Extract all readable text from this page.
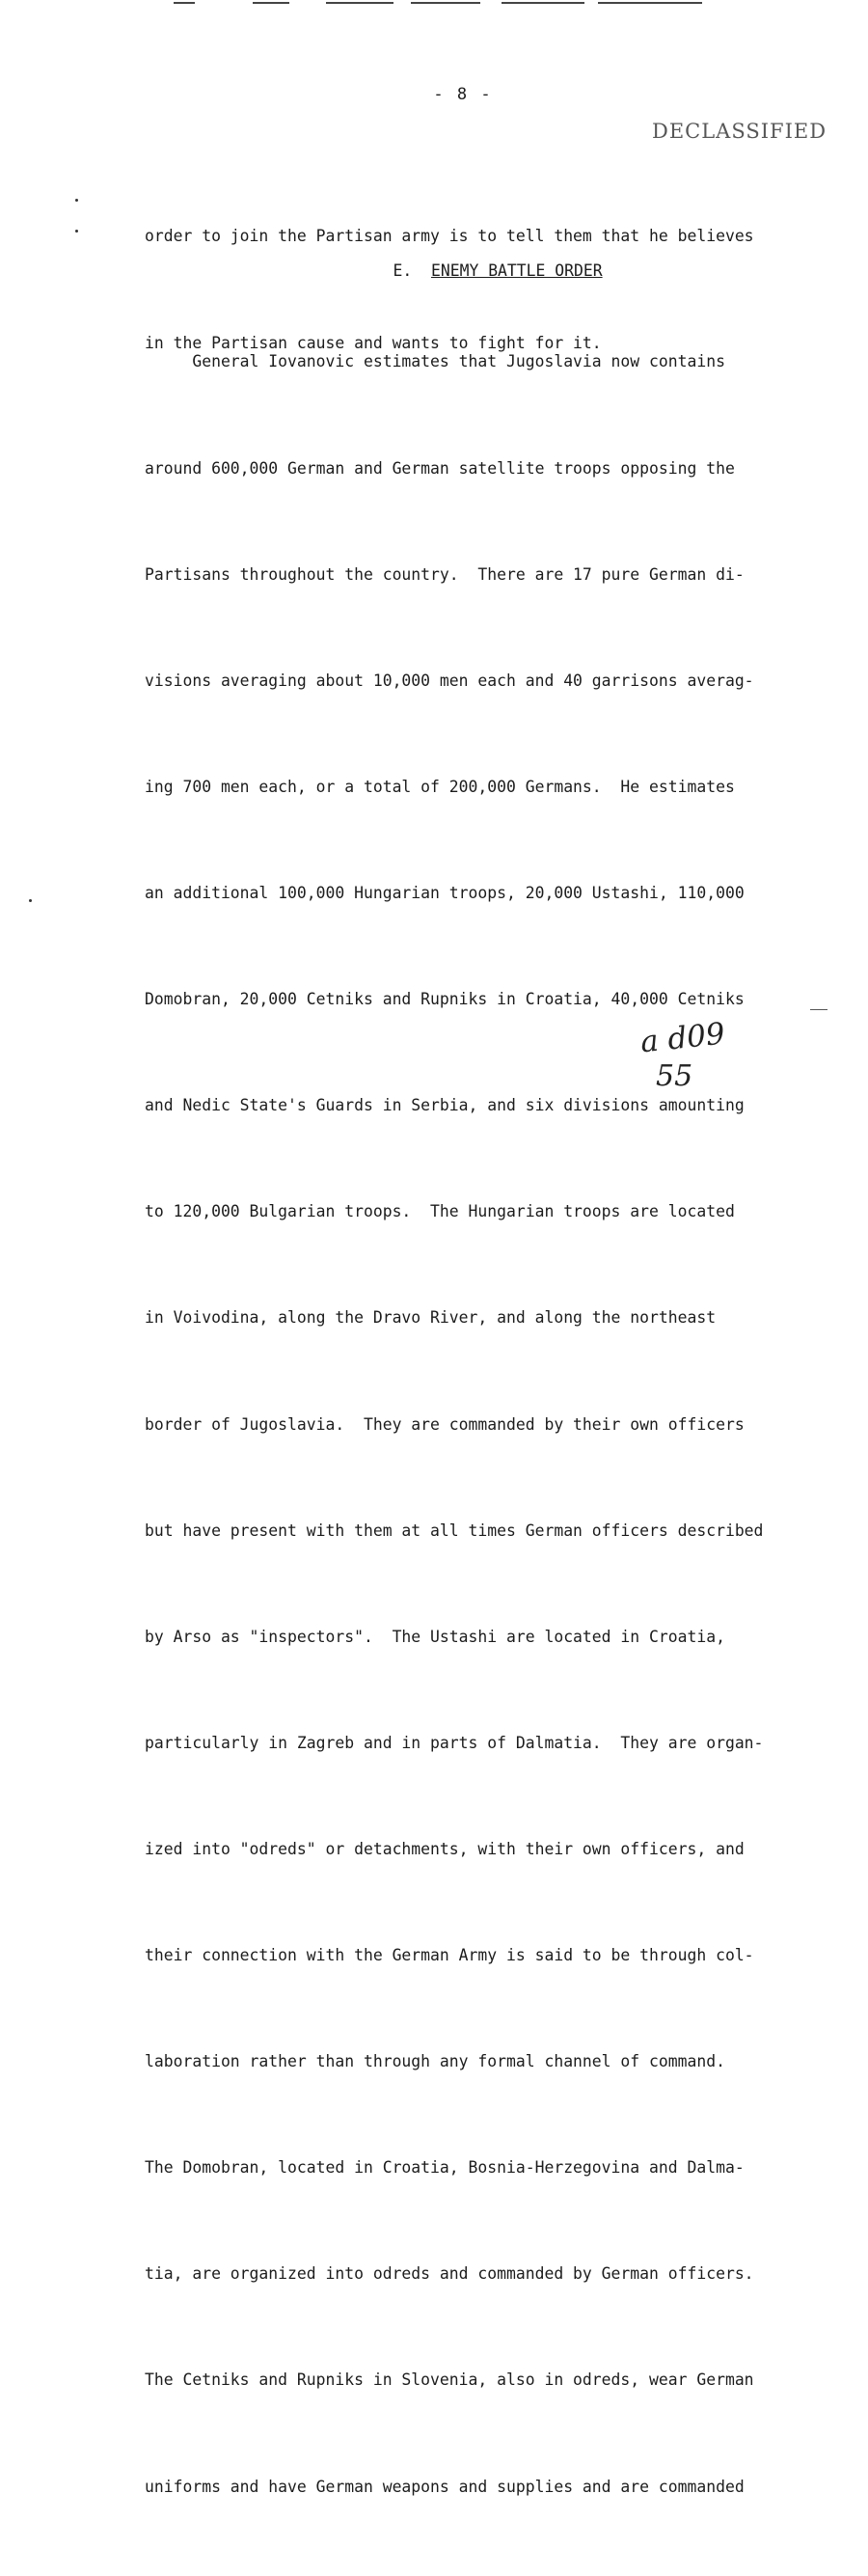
- 8 -
DECLASSIFIED

order to join the Partisan army is to tell them that he believes

in the Partisan cause and wants to fight for it.

E. ENEMY BATTLE ORDER

General Iovanovic estimates that Jugoslavia now contains

around 600,000 German and German satellite troops opposing the

Partisans throughout the country.  There are 17 pure German di-

visions averaging about 10,000 men each and 40 garrisons averag-

ing 700 men each, or a total of 200,000 Germans.  He estimates

an additional 100,000 Hungarian troops, 20,000 Ustashi, 110,000

Domobran, 20,000 Cetniks and Rupniks in Croatia, 40,000 Cetniks

and Nedic State's Guards in Serbia, and six divisions amounting

to 120,000 Bulgarian troops.  The Hungarian troops are located

in Voivodina, along the Dravo River, and along the northeast

border of Jugoslavia.  They are commanded by their own officers

but have present with them at all times German officers described

by Arso as "inspectors".  The Ustashi are located in Croatia,

particularly in Zagreb and in parts of Dalmatia.  They are organ-

ized into "odreds" or detachments, with their own officers, and

their connection with the German Army is said to be through col-

laboration rather than through any formal channel of command.

The Domobran, located in Croatia, Bosnia-Herzegovina and Dalma-

tia, are organized into odreds and commanded by German officers.

The Cetniks and Rupniks in Slovenia, also in odreds, wear German

uniforms and have German weapons and supplies and are commanded

a d09
55
